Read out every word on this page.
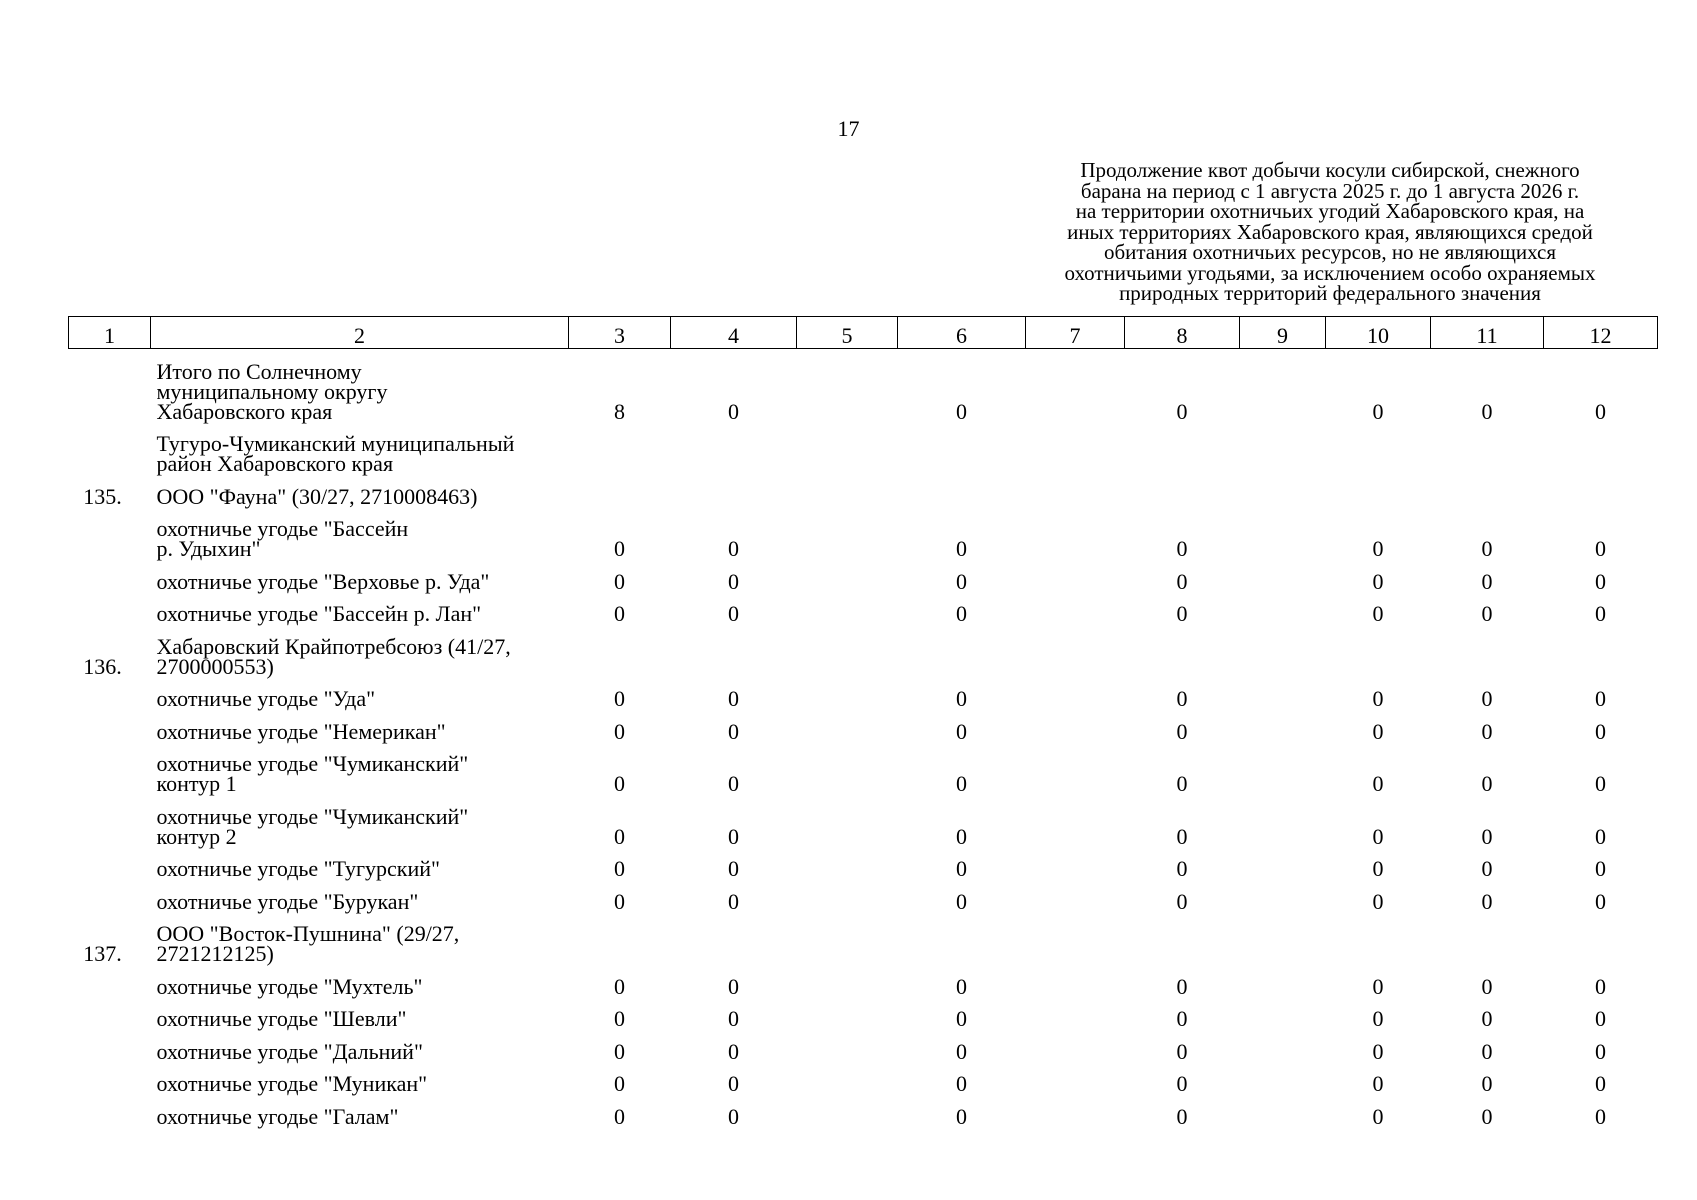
17
Продолжение квот добычи косули сибирской, снежного
барана на период с 1 августа 2025 г. до 1 августа 2026 г.
на территории охотничьих угодий Хабаровского края, на
иных территориях Хабаровского края, являющихся средой
обитания охотничьих ресурсов, но не являющихся
охотничьими угодьями, за исключением особо охраняемых
природных территорий федерального значения
1	2	3	4	5	6	7	8	9	10	11	12

	Итого по Солнечному
муниципальному округу
Хабаровского края	8	0		0		0		0	0	0

	Тугуро-Чумиканский муниципальный
район Хабаровского края										

135.	ООО "Фауна" (30/27, 2710008463)										

	охотничье угодье "Бассейн
р. Удыхин"	0	0		0		0		0	0	0

	охотничье угодье "Верховье р. Уда"	0	0		0		0		0	0	0

	охотничье угодье "Бассейн р. Лан"	0	0		0		0		0	0	0
136.	Хабаровский Крайпотребсоюз (41/27,
2700000553)										

	охотничье угодье "Уда"	0	0		0		0		0	0	0

	охотничье угодье "Немерикан"	0	0		0		0		0	0	0

	охотничье угодье "Чумиканский"
контур 1	0	0		0		0		0	0	0

	охотничье угодье "Чумиканский"
контур 2	0	0		0		0		0	0	0

	охотничье угодье "Тугурский"	0	0		0		0		0	0	0

	охотничье угодье "Бурукан"	0	0		0		0		0	0	0
137.	ООО "Восток-Пушнина" (29/27,
2721212125)										

	охотничье угодье "Мухтель"	0	0		0		0		0	0	0

	охотничье угодье "Шевли"	0	0		0		0		0	0	0

	охотничье угодье "Дальний"	0	0		0		0		0	0	0

	охотничье угодье "Муникан"	0	0		0		0		0	0	0

	охотничье угодье "Галам"	0	0		0		0		0	0	0
